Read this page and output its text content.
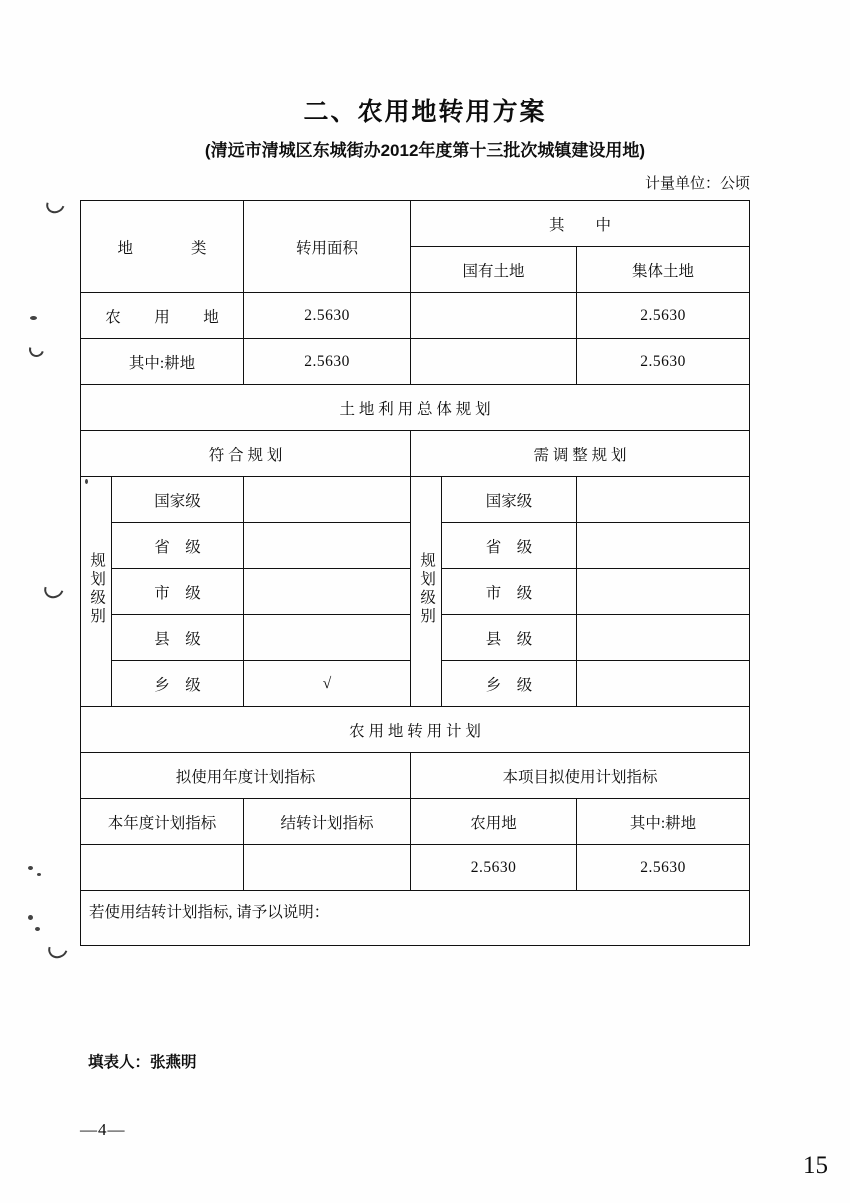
二、农用地转用方案
(清远市清城区东城街办2012年度第十三批次城镇建设用地)
计量单位：公顷
地　　类		转用面积	其　　中		
			国有土地		集体土地
农　用　地		2.5630			2.5630
其中:耕地		2.5630			2.5630
土 地 利 用 总 体 规 划					
符 合 规 划			需 调 整 规 划		
规划级别	国家级		规划级别	国家级	
	省　级			省　级	
	市　级			市　级	
	县　级			县　级	
	乡　级	√		乡　级	
农 用 地 转 用 计 划					
拟使用年度计划指标			本项目拟使用计划指标		
本年度计划指标		结转计划指标	农用地		其中:耕地
			2.5630		2.5630
若使用结转计划指标, 请予以说明：					
填表人：张燕明
—4—
15
